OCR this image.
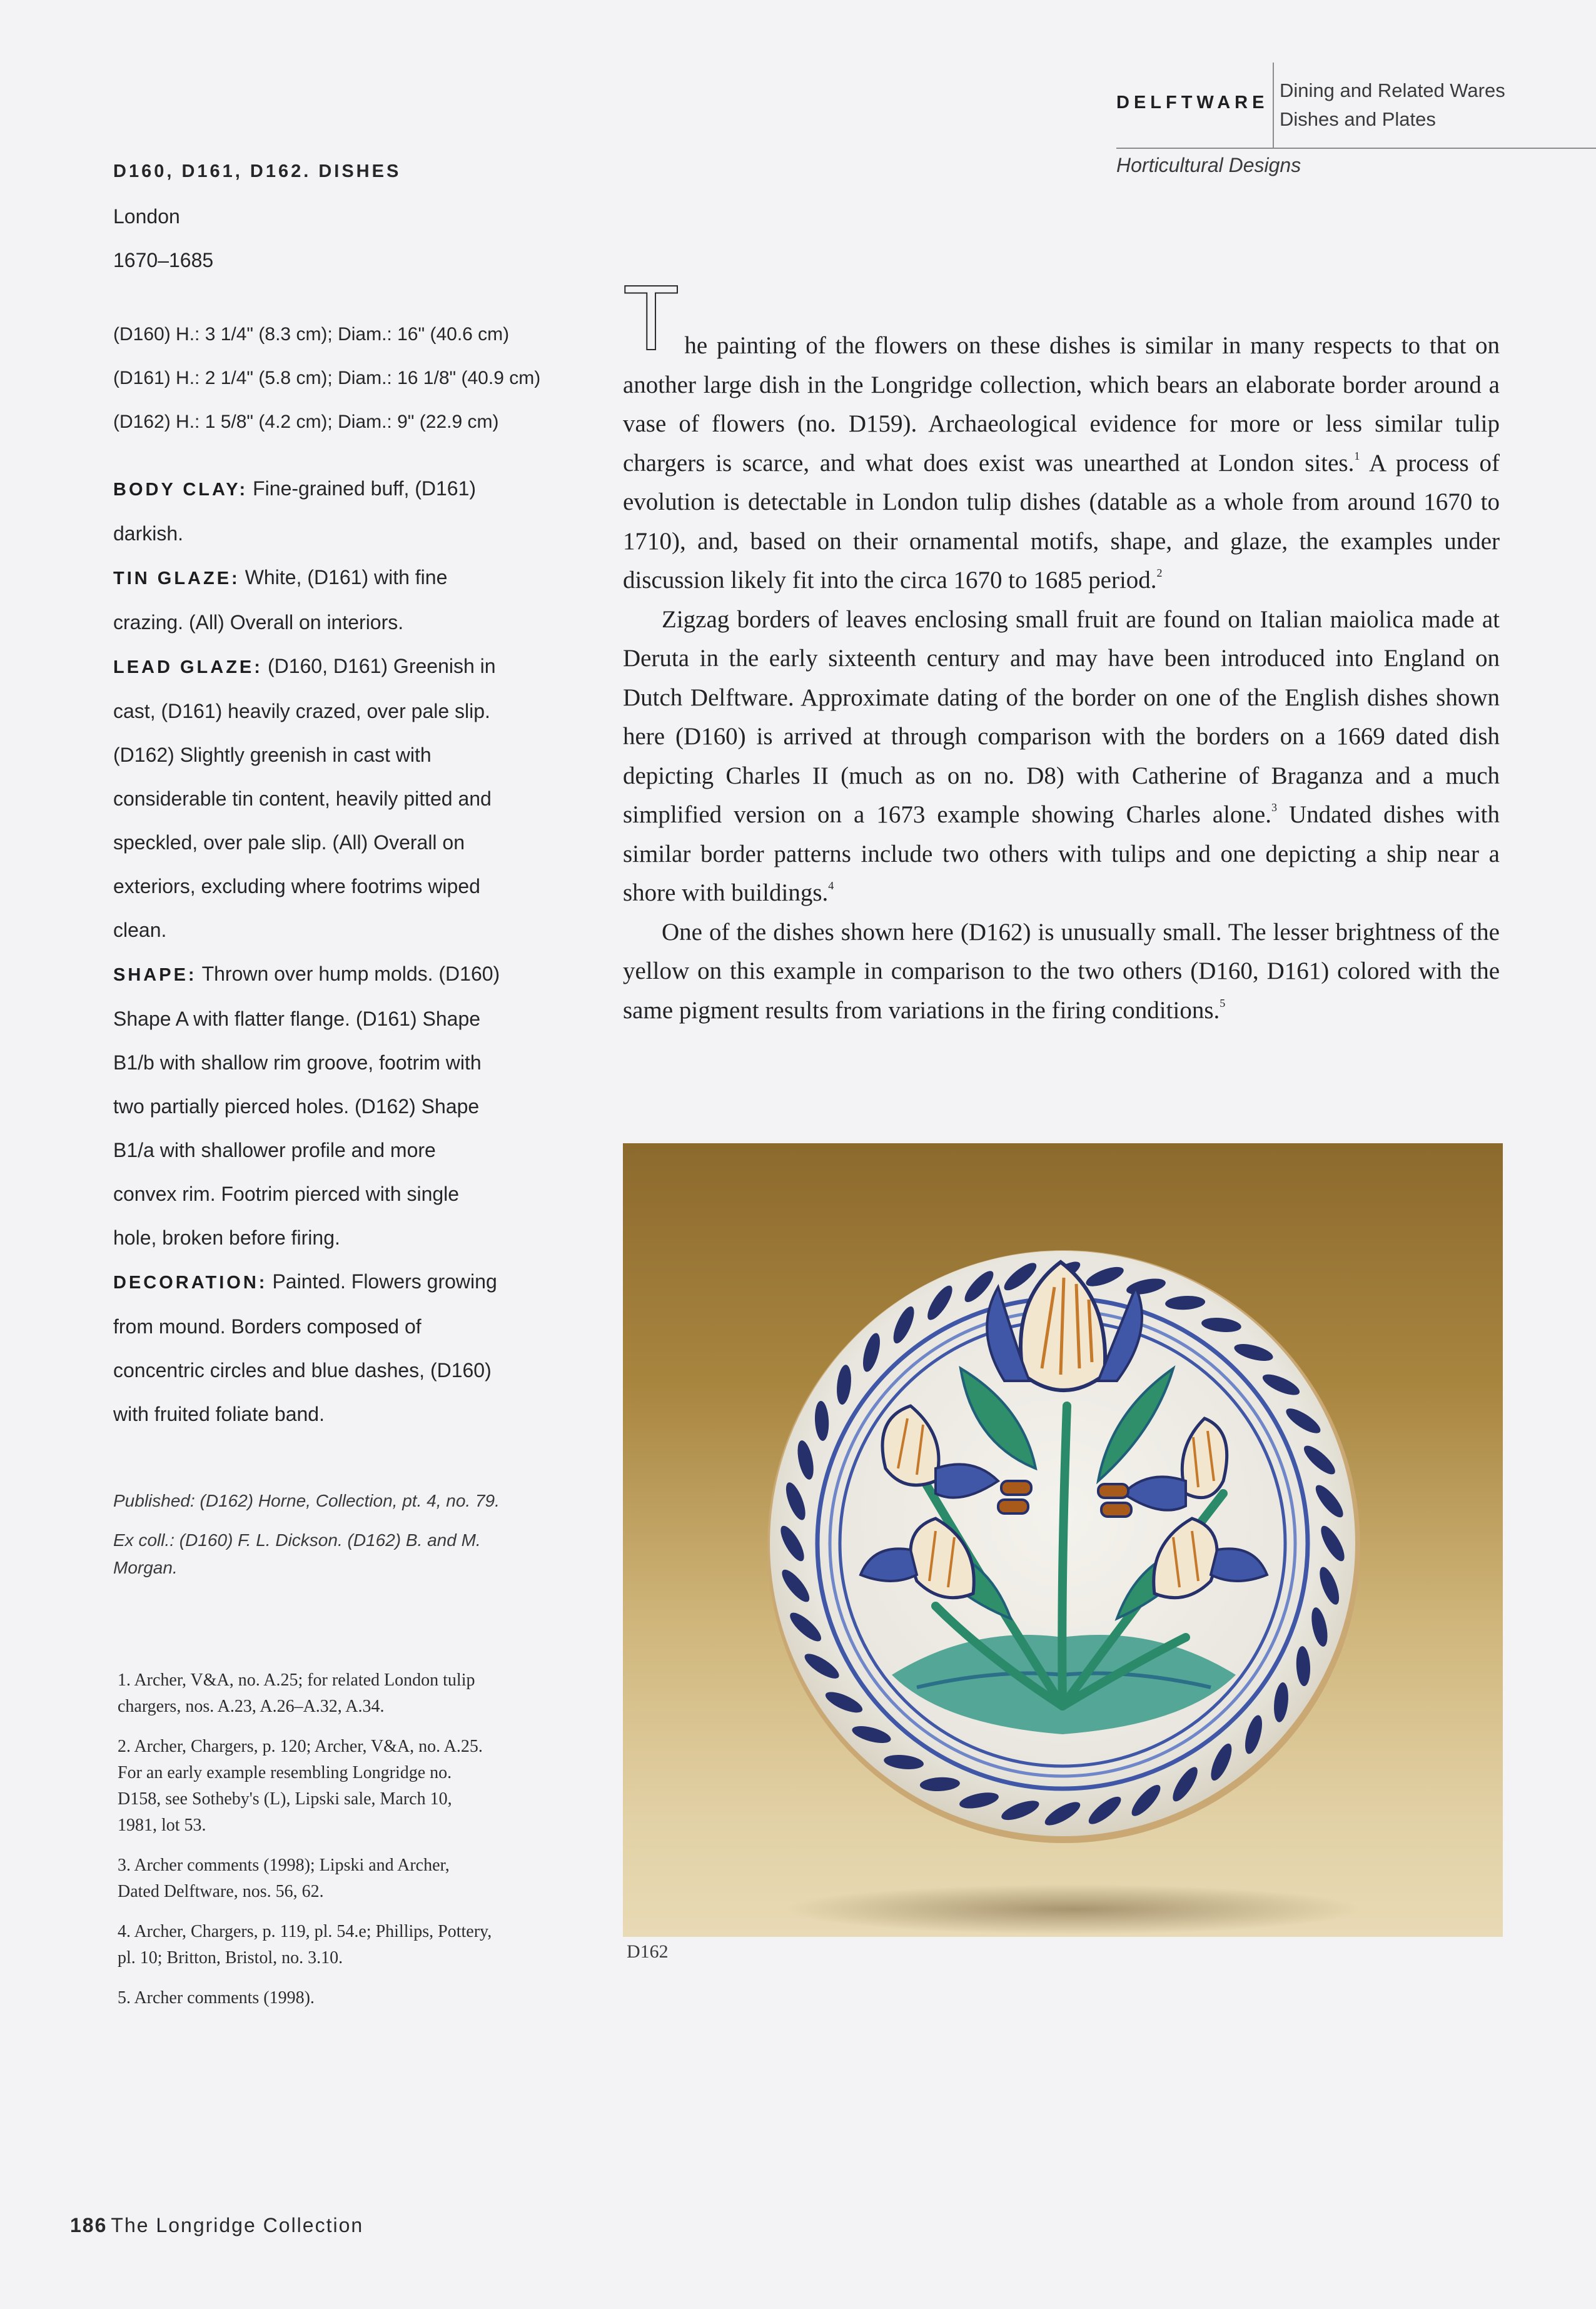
DELFTWARE
Dining and Related Wares
Dishes and Plates
Horticultural Designs
D160, D161, D162. DISHES
London
1670–1685
(D160) H.: 3 1/4" (8.3 cm); Diam.: 16" (40.6 cm)
(D161) H.: 2 1/4" (5.8 cm); Diam.: 16 1/8" (40.9 cm)
(D162) H.: 1 5/8" (4.2 cm); Diam.: 9" (22.9 cm)
BODY CLAY: Fine-grained buff, (D161) darkish.
TIN GLAZE: White, (D161) with fine crazing. (All) Overall on interiors.
LEAD GLAZE: (D160, D161) Greenish in cast, (D161) heavily crazed, over pale slip. (D162) Slightly greenish in cast with considerable tin content, heavily pitted and speckled, over pale slip. (All) Overall on exteriors, excluding where footrims wiped clean.
SHAPE: Thrown over hump molds. (D160) Shape A with flatter flange. (D161) Shape B1/b with shallow rim groove, footrim with two partially pierced holes. (D162) Shape B1/a with shallower profile and more convex rim. Footrim pierced with single hole, broken before firing.
DECORATION: Painted. Flowers growing from mound. Borders composed of concentric circles and blue dashes, (D160) with fruited foliate band.

Published: (D162) Horne, Collection, pt. 4, no. 79.

Ex coll.: (D160) F. L. Dickson. (D162) B. and M. Morgan.

1. Archer, V&A, no. A.25; for related London tulip chargers, nos. A.23, A.26–A.32, A.34.

2. Archer, Chargers, p. 120; Archer, V&A, no. A.25. For an early example resembling Longridge no. D158, see Sotheby's (L), Lipski sale, March 10, 1981, lot 53.

3. Archer comments (1998); Lipski and Archer, Dated Delftware, nos. 56, 62.

4. Archer, Chargers, p. 119, pl. 54.e; Phillips, Pottery, pl. 10; Britton, Bristol, no. 3.10.

5. Archer comments (1998).

The painting of the flowers on these dishes is similar in many respects to that on another large dish in the Longridge collection, which bears an elaborate border around a vase of flowers (no. D159). Archaeological evidence for more or less similar tulip chargers is scarce, and what does exist was unearthed at London sites.$^1$ A process of evolution is detectable in London tulip dishes (datable as a whole from around 1670 to 1710), and, based on their ornamental motifs, shape, and glaze, the examples under discussion likely fit into the circa 1670 to 1685 period.$^2$

Zigzag borders of leaves enclosing small fruit are found on Italian maiolica made at Deruta in the early sixteenth century and may have been introduced into England on Dutch Delftware. Approximate dating of the border on one of the English dishes shown here (D160) is arrived at through comparison with the borders on a 1669 dated dish depicting Charles II (much as on no. D8) with Catherine of Braganza and a much simplified version on a 1673 example showing Charles alone.$^3$ Undated dishes with similar border patterns include two others with tulips and one depicting a ship near a shore with buildings.$^4$

One of the dishes shown here (D162) is unusually small. The lesser brightness of the yellow on this example in comparison to the two others (D160, D161) colored with the same pigment results from variations in the firing conditions.$^5$

D162
186 The Longridge Collection
